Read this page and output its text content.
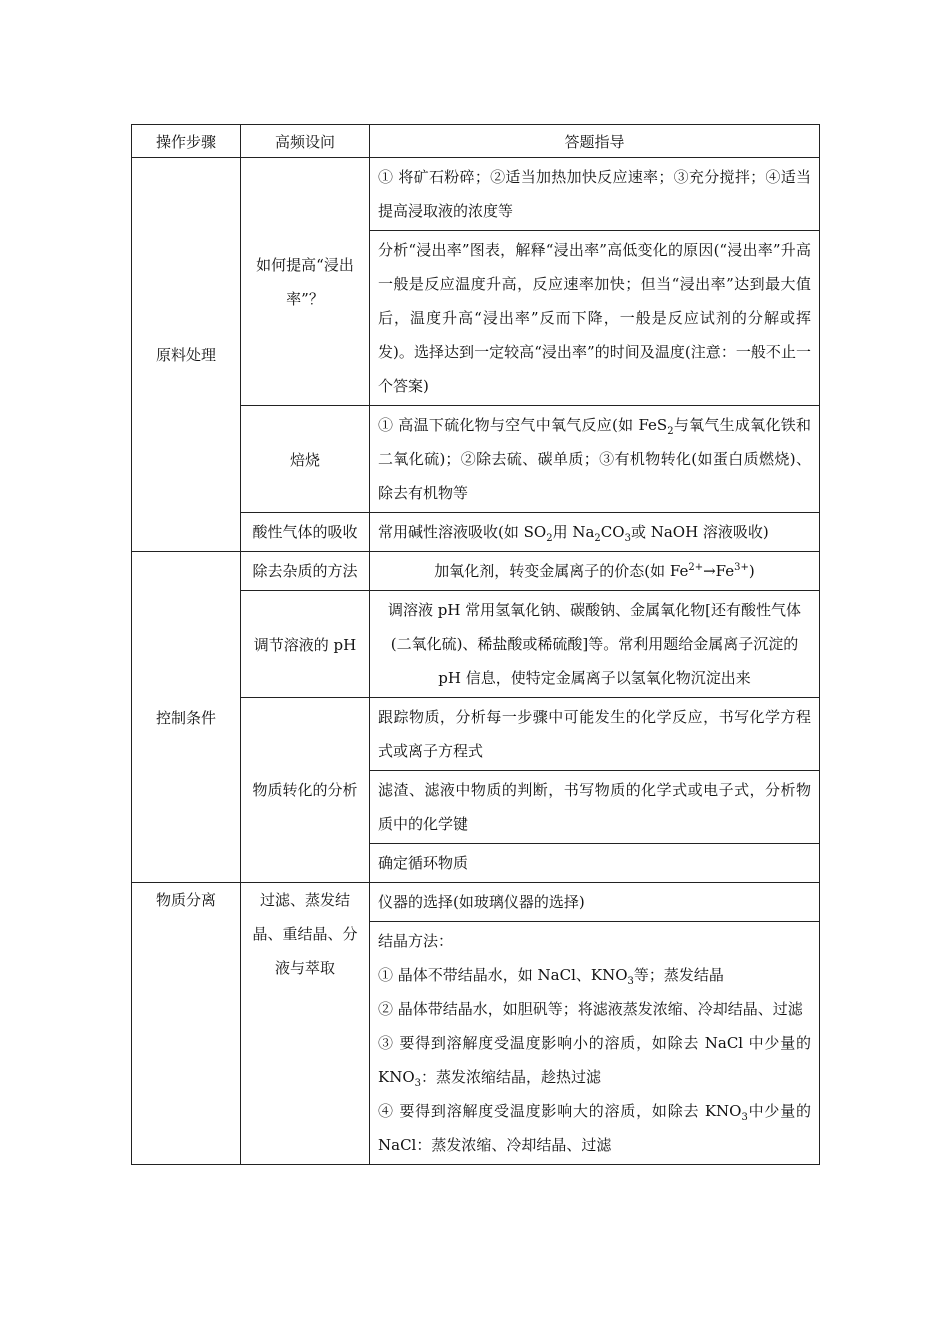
操作步骤	高频设问	答题指导
原料处理	如何提高“浸出率”？	① 将矿石粉碎；②适当加热加快反应速率；③充分搅拌；④适当提高浸取液的浓度等

		分析“浸出率”图表，解释“浸出率”高低变化的原因(“浸出率”升高一般是反应温度升高，反应速率加快；但当“浸出率”达到最大值后，温度升高“浸出率”反而下降，一般是反应试剂的分解或挥发)。选择达到一定较高“浸出率”的时间及温度(注意：一般不止一个答案)

	焙烧	① 高温下硫化物与空气中氧气反应(如 FeS$_2$与氧气生成氧化铁和二氧化硫)；②除去硫、碳单质；③有机物转化(如蛋白质燃烧)、除去有机物等

	酸性气体的吸收	常用碱性溶液吸收(如 $SO_2$用 $Na_2CO_3$或 NaOH 溶液吸收)

控制条件	除去杂质的方法	加氧化剂，转变金属离子的价态(如 $Fe^{2+}\to Fe^{3+}$)

	调节溶液的 pH	调溶液 pH 常用氢氧化钠、碳酸钠、金属氧化物[还有酸性气体(二氧化硫)、稀盐酸或稀硫酸]等。常利用题给金属离子沉淀的 pH 信息，使特定金属离子以氢氧化物沉淀出来

	物质转化的分析	跟踪物质，分析每一步骤中可能发生的化学反应，书写化学方程式或离子方程式

		滤渣、滤液中物质的判断，书写物质的化学式或电子式，分析物质中的化学键

		确定循环物质

物质分离	过滤、蒸发结晶、重结晶、分液与萃取	仪器的选择(如玻璃仪器的选择)

		结晶方法：
① 晶体不带结晶水，如 NaCl、$KNO_3$等；蒸发结晶
② 晶体带结晶水，如胆矾等；将滤液蒸发浓缩、冷却结晶、过滤
③ 要得到溶解度受温度影响小的溶质，如除去 NaCl 中少量的 $KNO_3$：蒸发浓缩结晶，趁热过滤
④ 要得到溶解度受温度影响大的溶质，如除去 $KNO_3$中少量的 NaCl：蒸发浓缩、冷却结晶、过滤
